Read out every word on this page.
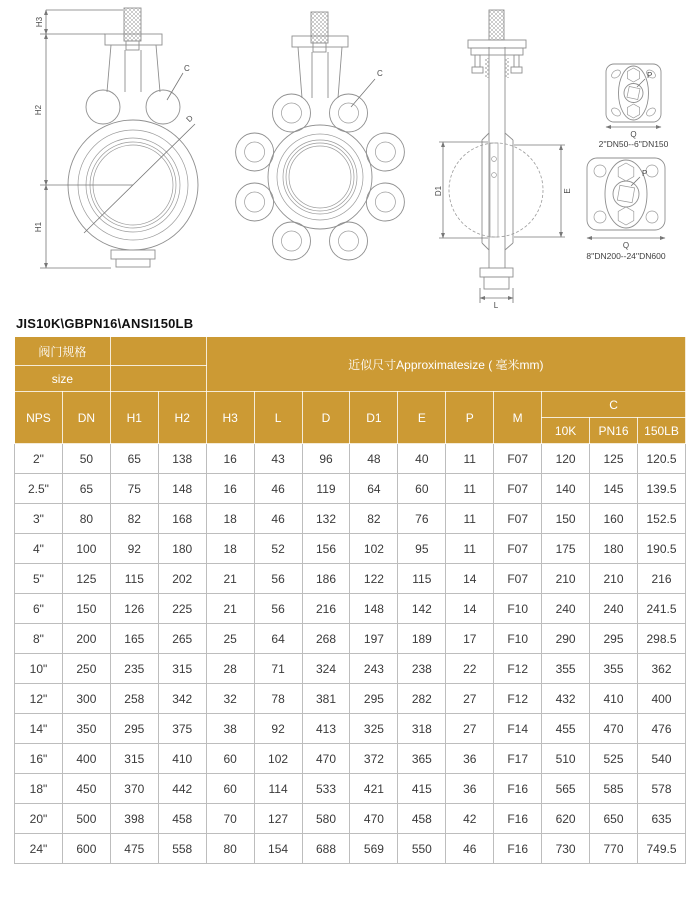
H3
H2
H1
C
D
C
D1	E
L
P
Q
2''DN50--6''DN150
P
Q
8''DN200--24''DN600
JIS10K\GBPN16\ANSI150LB
阀门规格				近似尺寸Approximatesize ( 毫米mm)									
size													
NPS	DN	H1	H2	H3	L	D	D1	E	P	M	C		
											10K	PN16	150LB
2"	50	65	138	16	43	96	48	40	11	F07	120	125	120.5
2.5"	65	75	148	16	46	119	64	60	11	F07	140	145	139.5
3"	80	82	168	18	46	132	82	76	11	F07	150	160	152.5
4"	100	92	180	18	52	156	102	95	11	F07	175	180	190.5
5"	125	115	202	21	56	186	122	115	14	F07	210	210	216
6"	150	126	225	21	56	216	148	142	14	F10	240	240	241.5
8"	200	165	265	25	64	268	197	189	17	F10	290	295	298.5
10"	250	235	315	28	71	324	243	238	22	F12	355	355	362
12"	300	258	342	32	78	381	295	282	27	F12	432	410	400
14"	350	295	375	38	92	413	325	318	27	F14	455	470	476
16"	400	315	410	60	102	470	372	365	36	F17	510	525	540
18"	450	370	442	60	114	533	421	415	36	F16	565	585	578
20"	500	398	458	70	127	580	470	458	42	F16	620	650	635
24"	600	475	558	80	154	688	569	550	46	F16	730	770	749.5
